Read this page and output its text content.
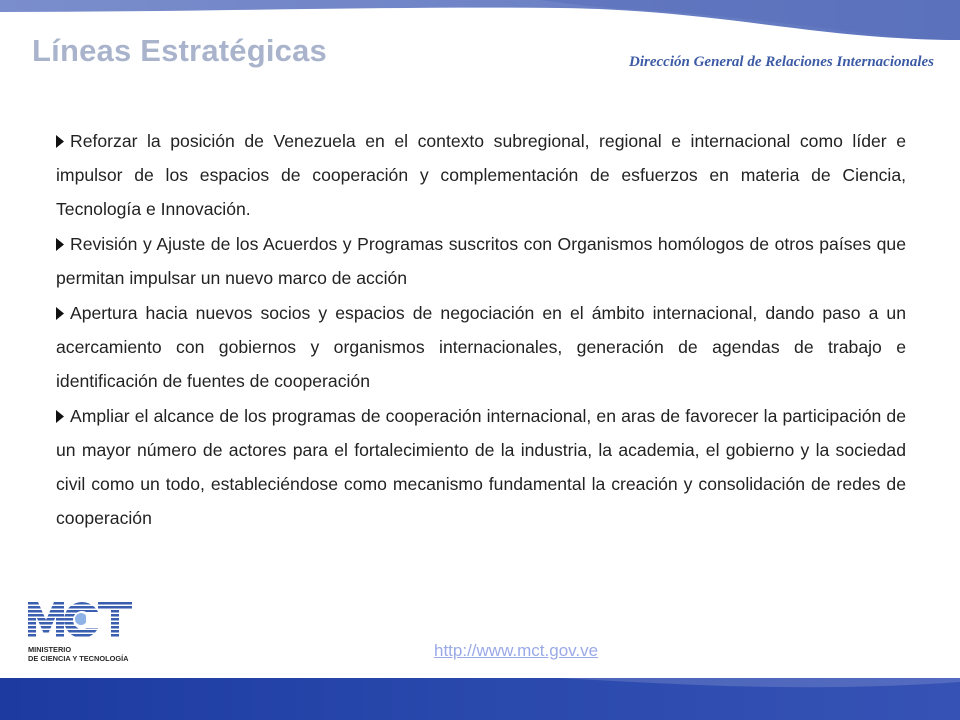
Líneas Estratégicas	Dirección General de Relaciones Internacionales

Reforzar la posición de Venezuela en el contexto subregional, regional e internacional como líder e impulsor de los espacios de cooperación y complementación de esfuerzos en materia de Ciencia, Tecnología e Innovación.

Revisión y Ajuste de los Acuerdos y Programas suscritos con Organismos homólogos de otros países que permitan impulsar un nuevo marco de acción

Apertura hacia nuevos socios y espacios de negociación en el ámbito internacional, dando paso a un acercamiento con gobiernos y organismos internacionales, generación de agendas de trabajo e identificación de fuentes de cooperación

Ampliar el alcance de los programas de cooperación internacional, en aras de favorecer la participación de un mayor número de actores para el fortalecimiento de la industria, la academia, el gobierno y la sociedad civil como un todo, estableciéndose como mecanismo fundamental la creación y consolidación de redes de cooperación

MINISTERIO
DE CIENCIA Y TECNOLOGÍA	http://www.mct.gov.ve
